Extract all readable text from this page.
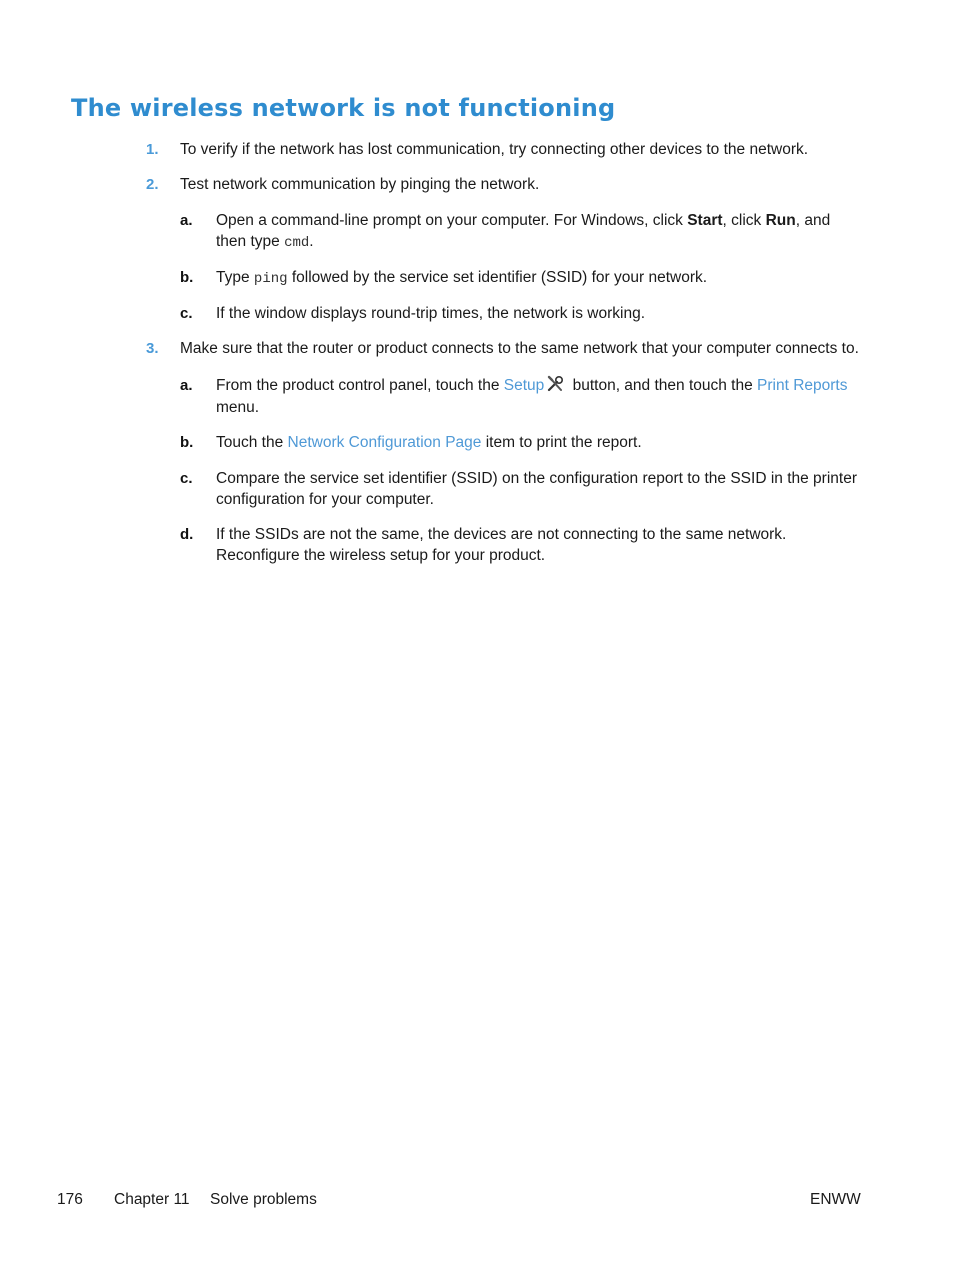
The wireless network is not functioning
1. To verify if the network has lost communication, try connecting other devices to the network.
2. Test network communication by pinging the network.
a. Open a command-line prompt on your computer. For Windows, click Start, click Run, and
then type cmd.
b. Type ping followed by the service set identifier (SSID) for your network.
c. If the window displays round-trip times, the network is working.
3. Make sure that the router or product connects to the same network that your computer connects to.
a. From the product control panel, touch the Setup button, and then touch the Print Reports
menu.
b. Touch the Network Configuration Page item to print the report.
c. Compare the service set identifier (SSID) on the configuration report to the SSID in the printer
configuration for your computer.
d. If the SSIDs are not the same, the devices are not connecting to the same network.
Reconfigure the wireless setup for your product.
176 Chapter 11 Solve problems	ENWW
